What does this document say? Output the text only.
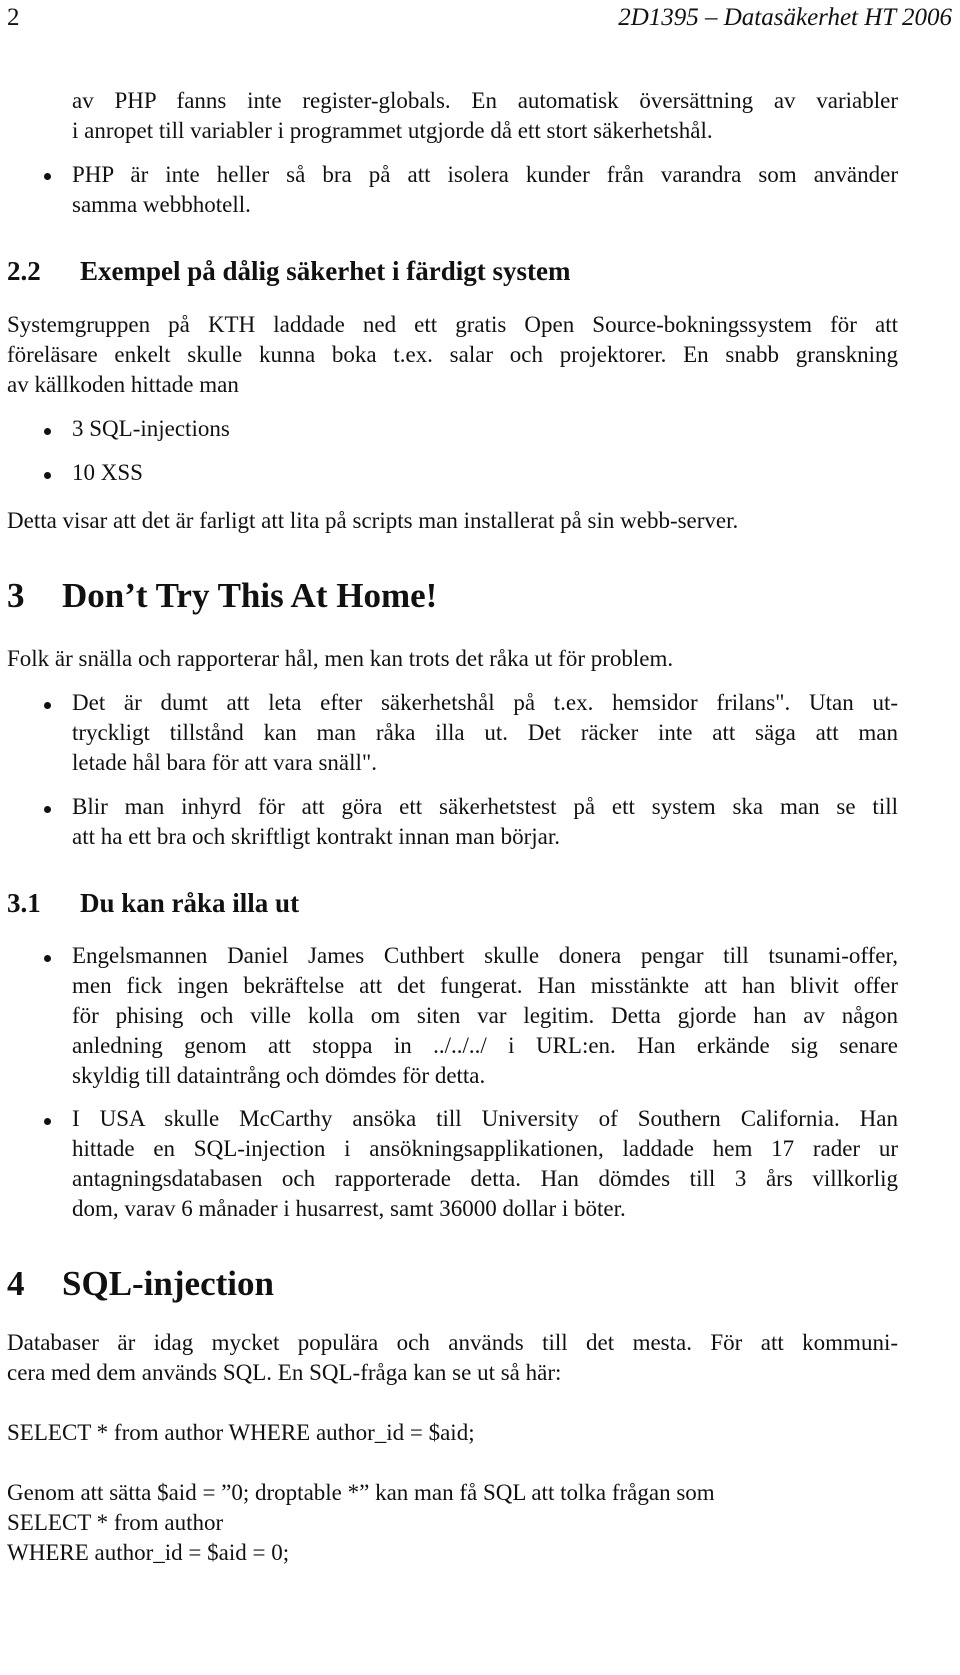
2	2D1395 – Datasäkerhet HT 2006
av PHP fanns inte register-globals. En automatisk översättning av variabler
i anropet till variabler i programmet utgjorde då ett stort säkerhetshål.
PHP är inte heller så bra på att isolera kunder från varandra som använder
samma webbhotell.
2.2 Exempel på dålig säkerhet i färdigt system
Systemgruppen på KTH laddade ned ett gratis Open Source-bokningssystem för att
föreläsare enkelt skulle kunna boka t.ex. salar och projektorer. En snabb granskning
av källkoden hittade man
3 SQL-injections
10 XSS
Detta visar att det är farligt att lita på scripts man installerat på sin webb-server.
3 Don’t Try This At Home!
Folk är snälla och rapporterar hål, men kan trots det råka ut för problem.
Det är dumt att leta efter säkerhetshål på t.ex. hemsidor frilans". Utan ut-
tryckligt tillstånd kan man råka illa ut. Det räcker inte att säga att man
letade hål bara för att vara snäll".
Blir man inhyrd för att göra ett säkerhetstest på ett system ska man se till
att ha ett bra och skriftligt kontrakt innan man börjar.
3.1 Du kan råka illa ut
Engelsmannen Daniel James Cuthbert skulle donera pengar till tsunami-offer,
men fick ingen bekräftelse att det fungerat. Han misstänkte att han blivit offer
för phising och ville kolla om siten var legitim. Detta gjorde han av någon
anledning genom att stoppa in ../../../ i URL:en. Han erkände sig senare
skyldig till dataintrång och dömdes för detta.
I USA skulle McCarthy ansöka till University of Southern California. Han
hittade en SQL-injection i ansökningsapplikationen, laddade hem 17 rader ur
antagningsdatabasen och rapporterade detta. Han dömdes till 3 års villkorlig
dom, varav 6 månader i husarrest, samt 36000 dollar i böter.
4 SQL-injection
Databaser är idag mycket populära och används till det mesta. För att kommuni-
cera med dem används SQL. En SQL-fråga kan se ut så här:
SELECT * from author WHERE author_id = $aid;
Genom att sätta $aid = ”0; droptable *” kan man få SQL att tolka frågan som
SELECT * from author
WHERE author_id = $aid = 0;
